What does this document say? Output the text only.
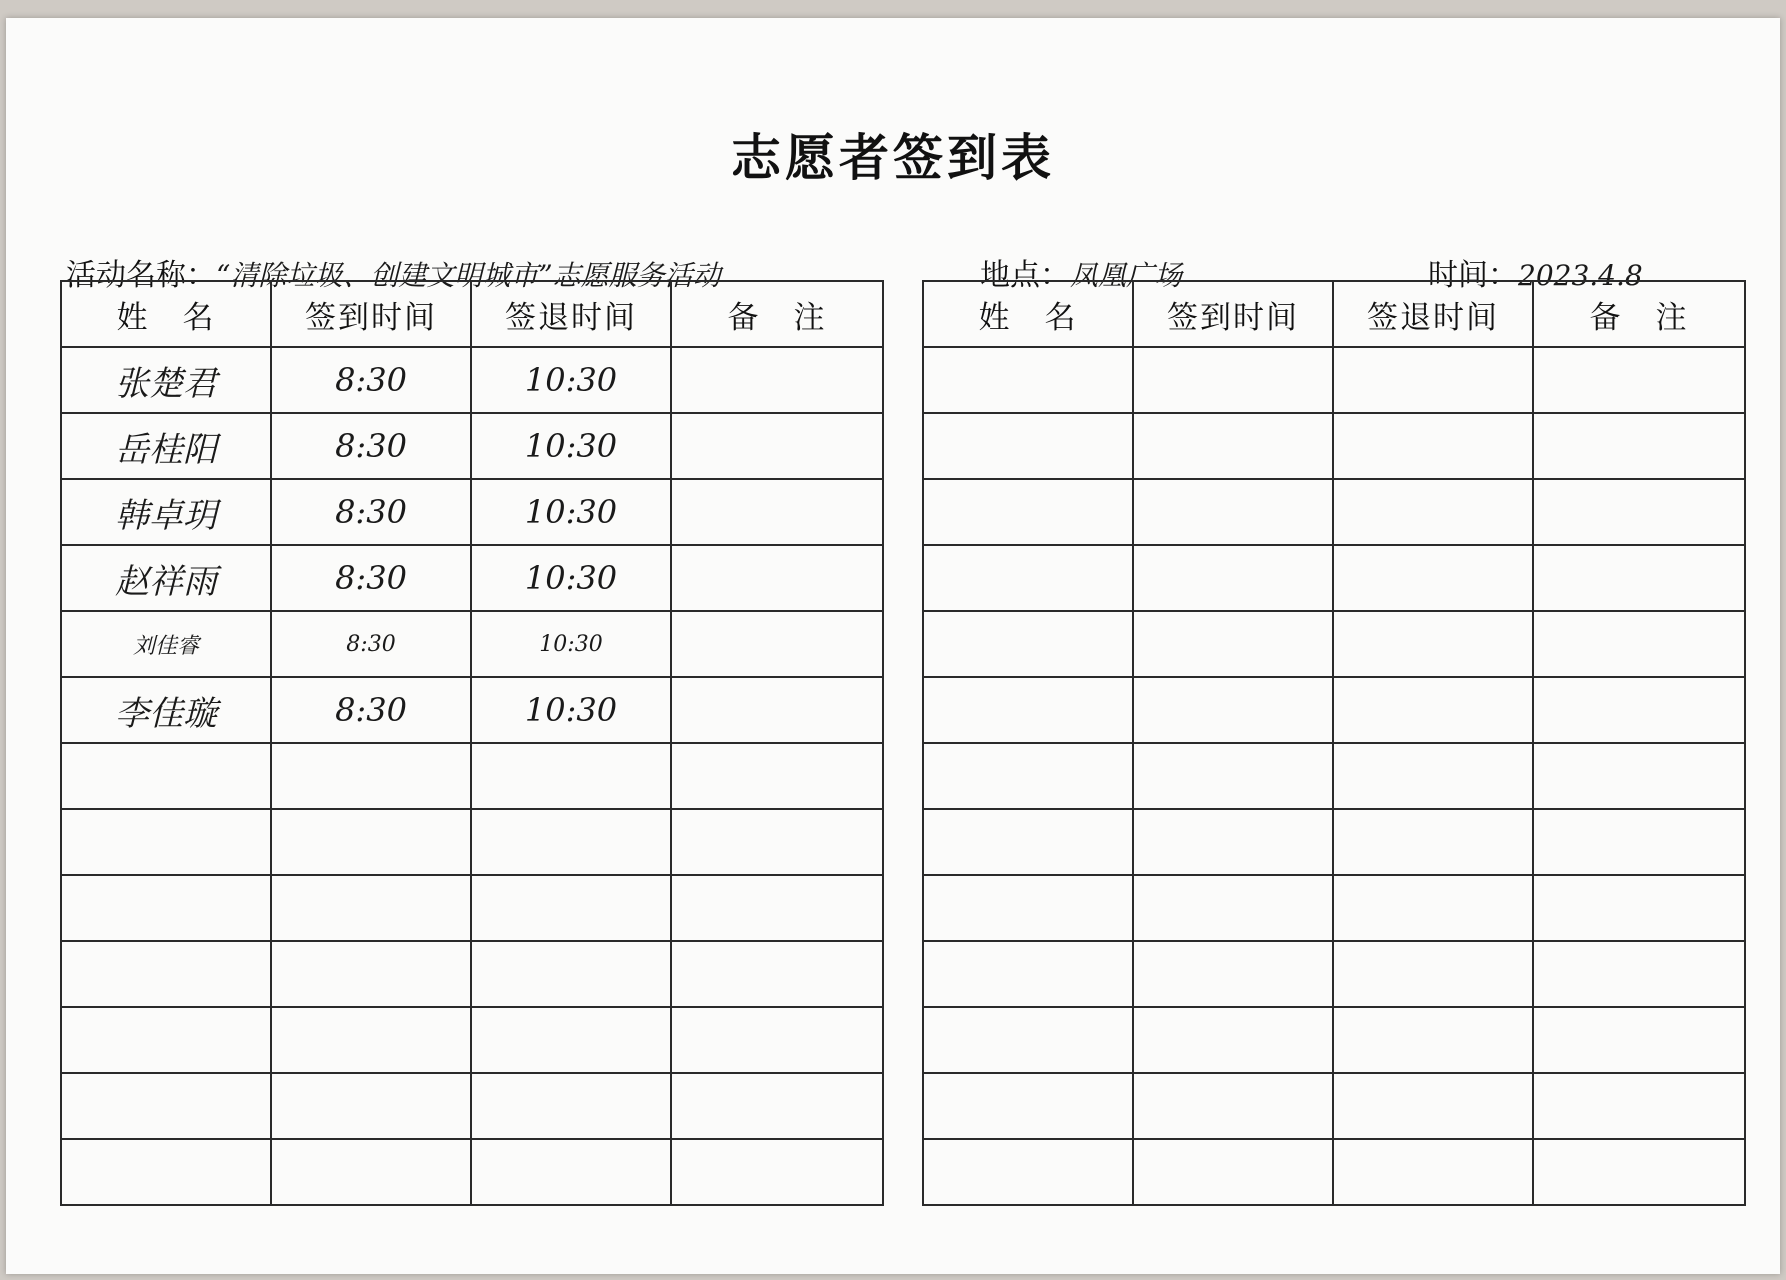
志愿者签到表
活动名称：“清除垃圾、创建文明城市”志愿服务活动	地点：凤凰广场	时间：2023.4.8
姓　名	签到时间	签退时间	备　注
张楚君	8:30	10:30	
岳桂阳	8:30	10:30	
韩卓玥	8:30	10:30	
赵祥雨	8:30	10:30	
刘佳睿	8:30	10:30	
李佳璇	8:30	10:30	

姓　名	签到时间	签退时间	备　注
